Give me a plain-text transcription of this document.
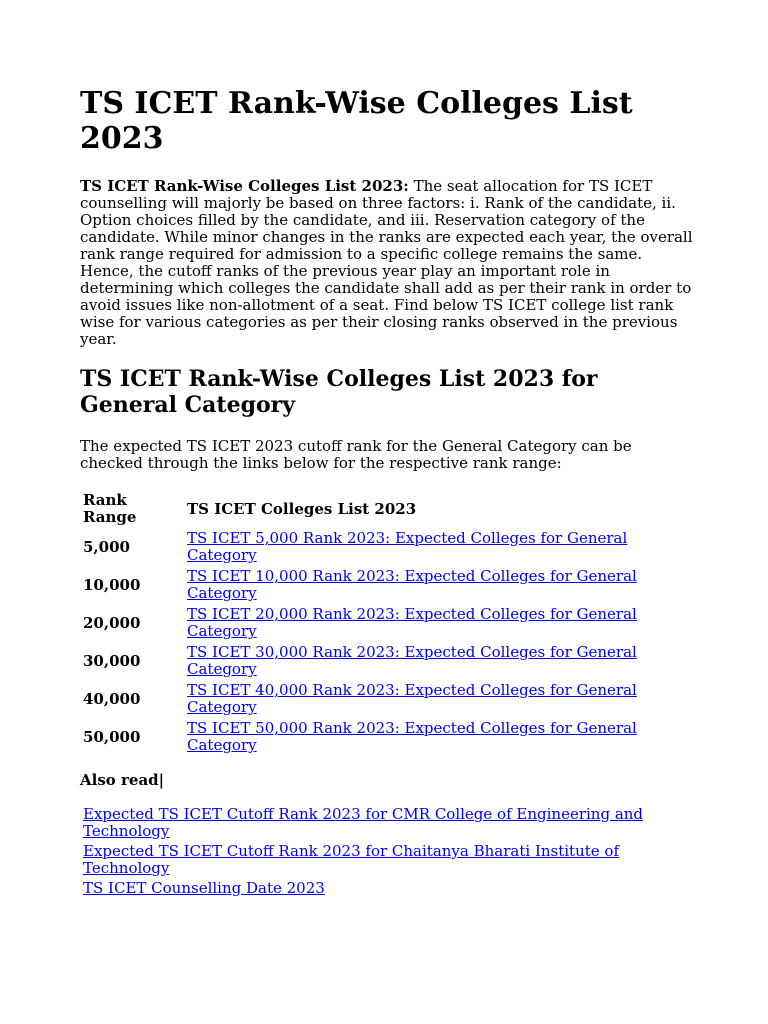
TS ICET Rank-Wise Colleges List 2023

TS ICET Rank-Wise Colleges List 2023: The seat allocation for TS ICET counselling will majorly be based on three factors: i. Rank of the candidate, ii. Option choices filled by the candidate, and iii. Reservation category of the candidate. While minor changes in the ranks are expected each year, the overall rank range required for admission to a specific college remains the same. Hence, the cutoff ranks of the previous year play an important role in determining which colleges the candidate shall add as per their rank in order to avoid issues like non-allotment of a seat. Find below TS ICET college list rank wise for various categories as per their closing ranks observed in the previous year.

TS ICET Rank-Wise Colleges List 2023 for General Category

The expected TS ICET 2023 cutoff rank for the General Category can be checked through the links below for the respective rank range:

Rank Range	TS ICET Colleges List 2023
5,000	TS ICET 5,000 Rank 2023: Expected Colleges for General Category
10,000	TS ICET 10,000 Rank 2023: Expected Colleges for General Category
20,000	TS ICET 20,000 Rank 2023: Expected Colleges for General Category
30,000	TS ICET 30,000 Rank 2023: Expected Colleges for General Category
40,000	TS ICET 40,000 Rank 2023: Expected Colleges for General Category
50,000	TS ICET 50,000 Rank 2023: Expected Colleges for General Category
Also read|
Expected TS ICET Cutoff Rank 2023 for CMR College of Engineering and Technology
Expected TS ICET Cutoff Rank 2023 for Chaitanya Bharati Institute of Technology
TS ICET Counselling Date 2023
